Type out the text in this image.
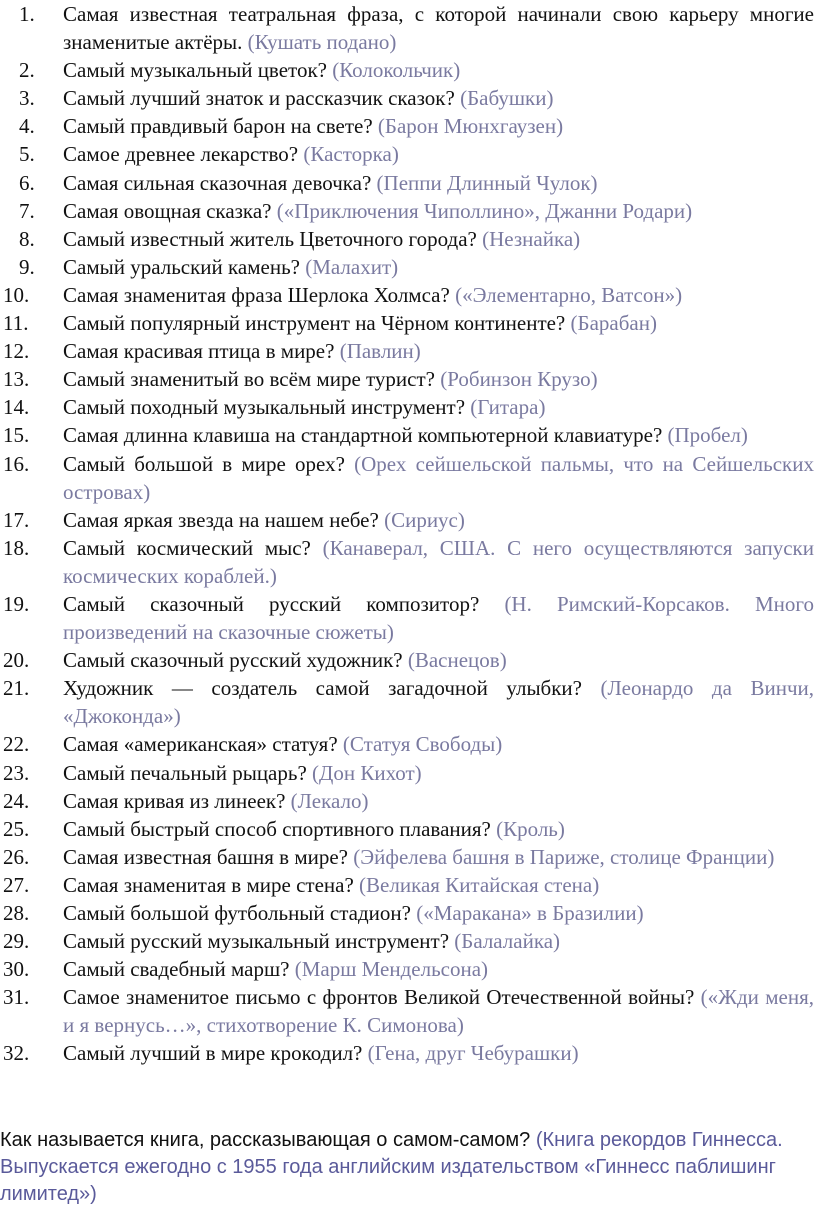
1.	Самая известная театральная фраза, с которой начинали свою карьеру многие знаменитые актёры. (Кушать подано)
2.	Самый музыкальный цветок? (Колокольчик)
3.	Самый лучший знаток и рассказчик сказок? (Бабушки)
4.	Самый правдивый барон на свете? (Барон Мюнхгаузен)
5.	Самое древнее лекарство? (Касторка)
6.	Самая сильная сказочная девочка? (Пеппи Длинный Чулок)
7.	Самая овощная сказка? («Приключения Чиполлино», Джанни Родари)
8.	Самый известный житель Цветочного города? (Незнайка)
9.	Самый уральский камень? (Малахит)
10.	Самая знаменитая фраза Шерлока Холмса? («Элементарно, Ватсон»)
11.	Самый популярный инструмент на Чёрном континенте? (Барабан)
12.	Самая красивая птица в мире? (Павлин)
13.	Самый знаменитый во всём мире турист? (Робинзон Крузо)
14.	Самый походный музыкальный инструмент? (Гитара)
15.	Самая длинна клавиша на стандартной компьютерной клавиатуре? (Пробел)
16.	Самый большой в мире орех? (Орех сейшельской пальмы, что на Сейшельских островах)
17.	Самая яркая звезда на нашем небе? (Сириус)
18.	Самый космический мыс? (Канаверал, США. С него осуществляются запуски космических кораблей.)
19.	Самый сказочный русский композитор? (Н. Римский-Корсаков. Много произведений на сказочные сюжеты)
20.	Самый сказочный русский художник? (Васнецов)
21.	Художник — создатель самой загадочной улыбки? (Леонардо да Винчи, «Джоконда»)
22.	Самая «американская» статуя? (Статуя Свободы)
23.	Самый печальный рыцарь? (Дон Кихот)
24.	Самая кривая из линеек? (Лекало)
25.	Самый быстрый способ спортивного плавания? (Кроль)
26.	Самая известная башня в мире? (Эйфелева башня в Париже, столице Франции)
27.	Самая знаменитая в мире стена? (Великая Китайская стена)
28.	Самый большой футбольный стадион? («Маракана» в Бразилии)
29.	Самый русский музыкальный инструмент? (Балалайка)
30.	Самый свадебный марш? (Марш Мендельсона)
31.	Самое знаменитое письмо с фронтов Великой Отечественной войны? («Жди меня, и я вернусь…», стихотворение К. Симонова)
32.	Самый лучший в мире крокодил? (Гена, друг Чебурашки)
Как называется книга, рассказывающая о самом-самом? (Книга рекордов Гиннесса. Выпускается ежегодно с 1955 года английским издательством «Гиннесс паблишинг лимитед»)
